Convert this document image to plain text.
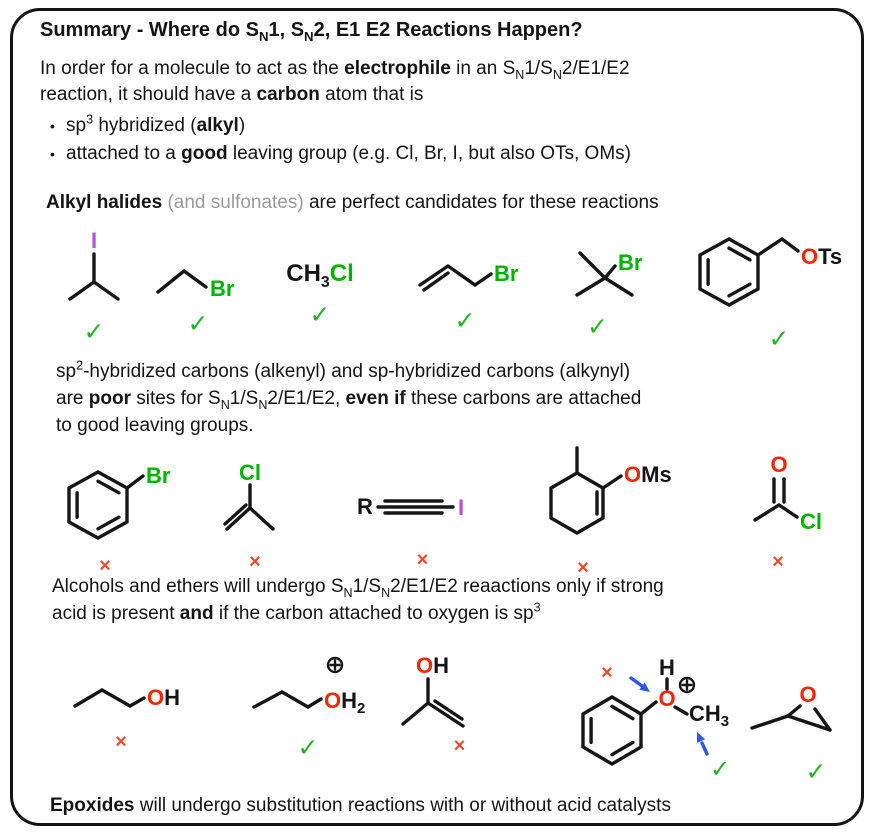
Summary - Where do $S_N1$, $S_N2$, E1 E2 Reactions Happen?
In order for a molecule to act as the electrophile in an $S_N1/S_N2/E1/E2$
reaction, it should have a carbon atom that is
• $sp^3$ hybridized (alkyl)
• attached to a good leaving group (e.g. Cl, Br, I, but also OTs, OMs)
Alkyl halides (and sulfonates) are perfect candidates for these reactions
I
✓
Br
✓
$CH_3Cl$
✓
Br
✓
Br
✓
OTs
✓
$sp^2$-hybridized carbons (alkenyl) and sp-hybridized carbons (alkynyl)
are poor sites for $S_N1/S_N2/E1/E2$, even if these carbons are attached
to good leaving groups.
Br
×
Cl
×
R	I
×
OMs
×
O
Cl
×
Alcohols and ethers will undergo $S_N1/S_N2/E1/E2$ reaactions only if strong
acid is present and if the carbon attached to oxygen is $sp^3$
OH
×
$OH_2$
✓
OH
×
× H
O
$CH_3$
✓
O
✓
Epoxides will undergo substitution reactions with or without acid catalysts
